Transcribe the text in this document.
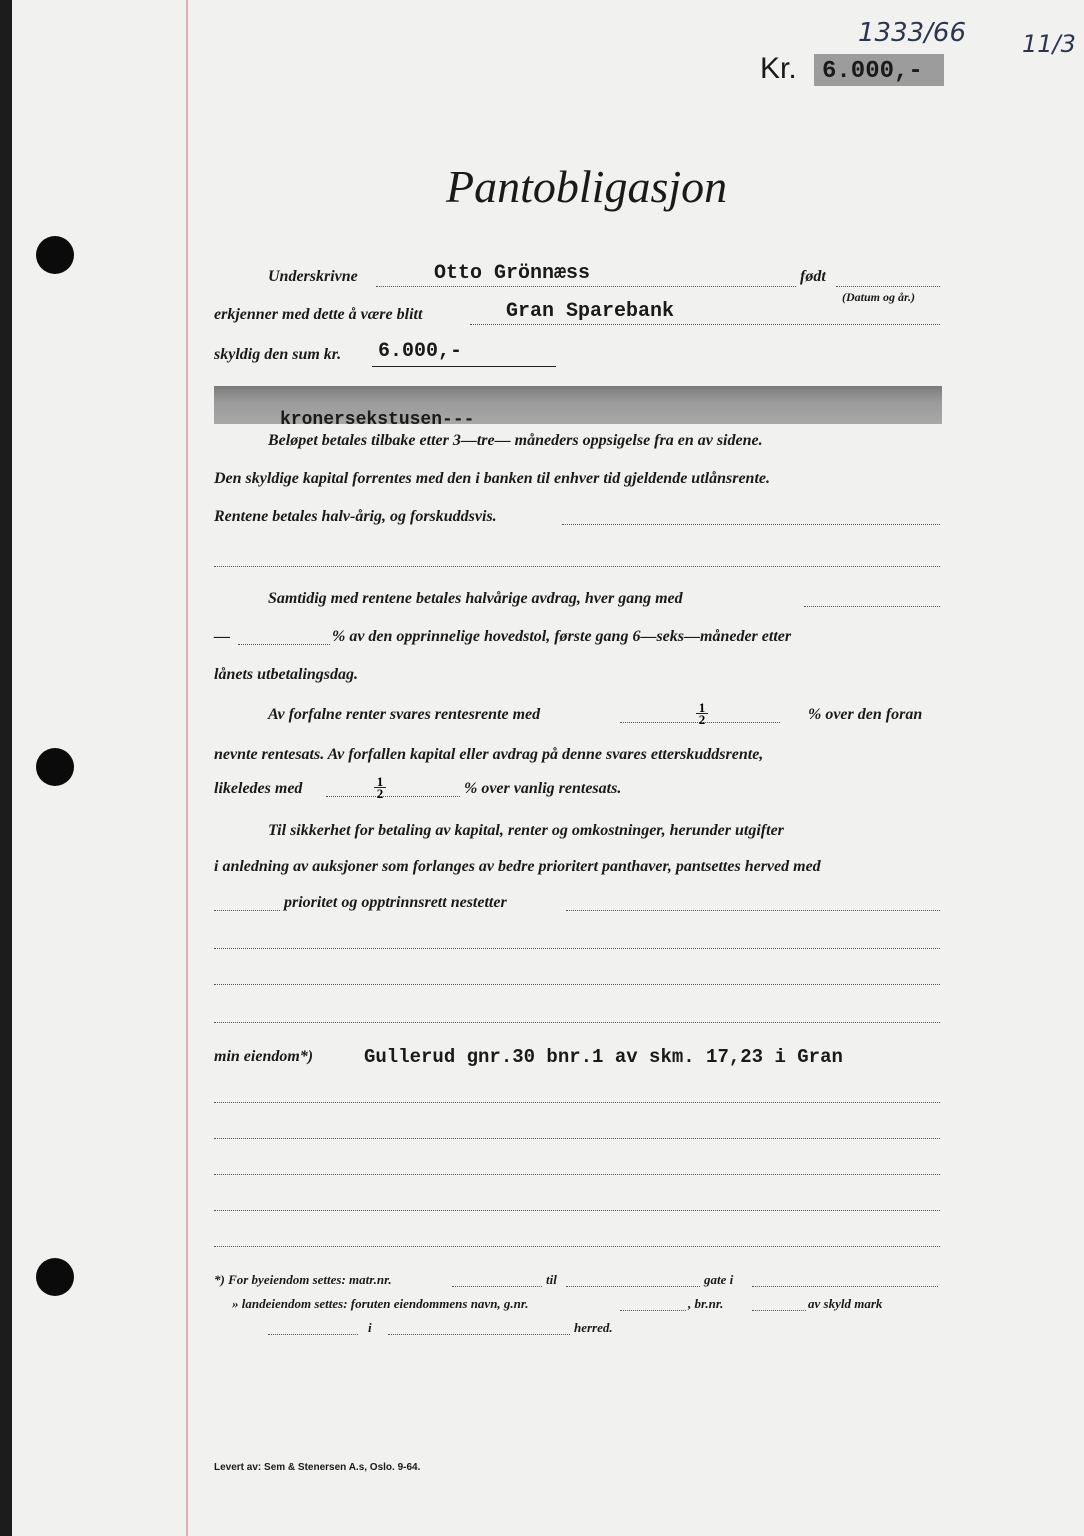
Kr. 6.000,-
1333/66 11/3
Pantobligasjon
Underskrivne	Otto Grönnæss	født
(Datum og år.)
erkjenner med dette å være blitt	Gran Sparebank
skyldig den sum kr. 6.000,-
kronersekstusen---
Beløpet betales tilbake etter 3—tre— måneders oppsigelse fra en av sidene.
Den skyldige kapital forrentes med den i banken til enhver tid gjeldende utlånsrente.
Rentene betales halv-årig, og forskuddsvis.
Samtidig med rentene betales halvårige avdrag, hver gang med
—	% av den opprinnelige hovedstol, første gang 6—seks—måneder etter
lånets utbetalingsdag.
Av forfalne renter svares rentesrente med	$\frac{1}{2}$	% over den foran
nevnte rentesats. Av forfallen kapital eller avdrag på denne svares etterskuddsrente,
likeledes med	$\frac{1}{2}$	% over vanlig rentesats.
Til sikkerhet for betaling av kapital, renter og omkostninger, herunder utgifter
i anledning av auksjoner som forlanges av bedre prioritert panthaver, pantsettes herved med
prioritet og opptrinnsrett nestetter
min eiendom*)	Gullerud gnr.30 bnr.1 av skm. 17,23 i Gran
*) For byeiendom settes: matr.nr.	til	gate i
» landeiendom settes: foruten eiendommens navn, g.nr.	, br.nr.	av skyld mark
i	herred.
Levert av: Sem & Stenersen A.s, Oslo. 9-64.
